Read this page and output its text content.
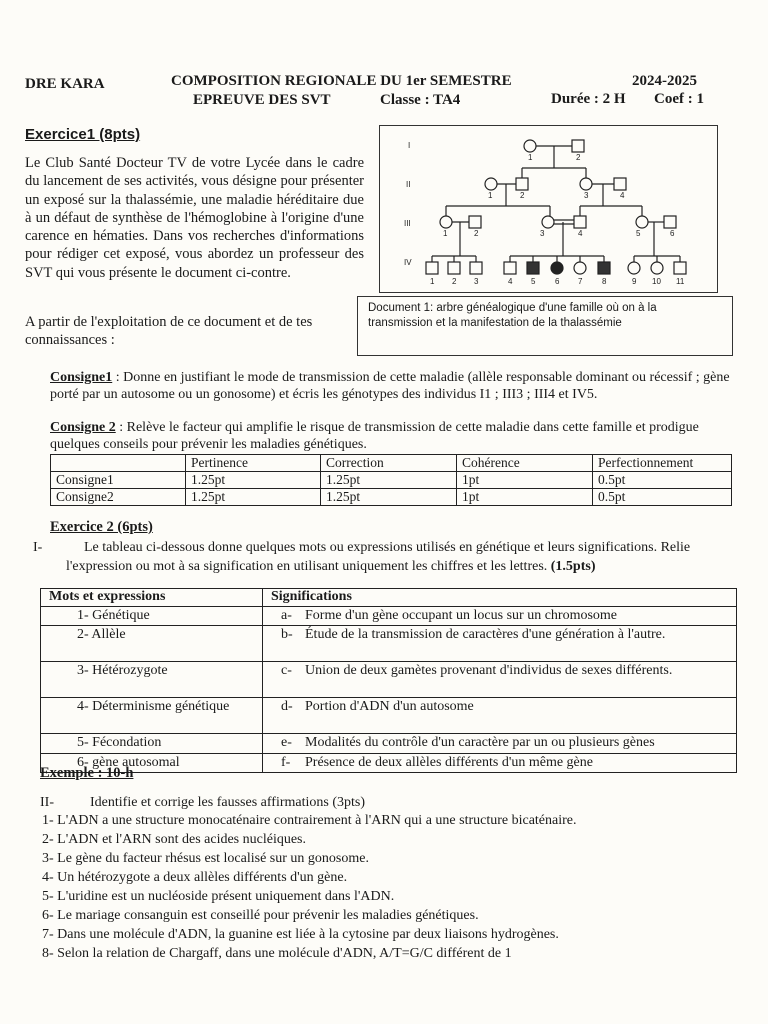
DRE KARA	COMPOSITION REGIONALE DU 1er SEMESTRE	2024-2025
EPREUVE DES SVT	Classe : TA4	Durée : 2 H Coef : 1
Exercice1 (8pts)
Le Club Santé Docteur TV de votre Lycée dans le cadre du lancement de ses activités, vous désigne pour présenter un exposé sur la thalassémie, une maladie héréditaire due à un défaut de synthèse de l'hémoglobine à l'origine d'une carence en hématies. Dans vos recherches d'informations pour rédiger cet exposé, vous abordez un professeur des SVT qui vous présente le document ci-contre.
A partir de l'exploitation de ce document et de tes connaissances :
I
II
III
IV
1	2
1	2	3	4
1	2	3	4	5	6
1 2 3	4 5 6 7 8	9 10 11
Document 1: arbre généalogique d'une famille où on à la transmission et la manifestation de la thalassémie
Consigne1 : Donne en justifiant le mode de transmission de cette maladie (allèle responsable dominant ou récessif ; gène porté par un autosome ou un gonosome) et écris les génotypes des individus I1 ; III3 ; III4 et IV5.
Consigne 2 : Relève le facteur qui amplifie le risque de transmission de cette maladie dans cette famille et prodigue quelques conseils pour prévenir les maladies génétiques.
	Pertinence	Correction	Cohérence	Perfectionnement
Consigne1	1.25pt	1.25pt	1pt	0.5pt
Consigne2	1.25pt	1.25pt	1pt	0.5pt
Exercice 2 (6pts)
I-	Le tableau ci-dessous donne quelques mots ou expressions utilisés en génétique et leurs significations. Relie l'expression ou mot à sa signification en utilisant uniquement les chiffres et les lettres. (1.5pts)
Mots et expressions	Significations
1- Génétique	a- Forme d'un gène occupant un locus sur un chromosome
2- Allèle	b- Étude de la transmission de caractères d'une génération à l'autre.

3- Hétérozygote	c- Union de deux gamètes provenant d'individus de sexes différents.

4- Déterminisme génétique	d- Portion d'ADN d'un autosome
5- Fécondation	e- Modalités du contrôle d'un caractère par un ou plusieurs gènes
6- gène autosomal	f- Présence de deux allèles différents d'un même gène
Exemple : 10-h
II-	Identifie et corrige les fausses affirmations (3pts)
1- L'ADN a une structure monocaténaire contrairement à l'ARN qui a une structure bicaténaire.
2- L'ADN et l'ARN sont des acides nucléiques.
3- Le gène du facteur rhésus est localisé sur un gonosome.
4- Un hétérozygote a deux allèles différents d'un gène.
5- L'uridine est un nucléoside présent uniquement dans l'ADN.
6- Le mariage consanguin est conseillé pour prévenir les maladies génétiques.
7- Dans une molécule d'ADN, la guanine est liée à la cytosine par deux liaisons hydrogènes.
8- Selon la relation de Chargaff, dans une molécule d'ADN, A/T=G/C différent de 1
